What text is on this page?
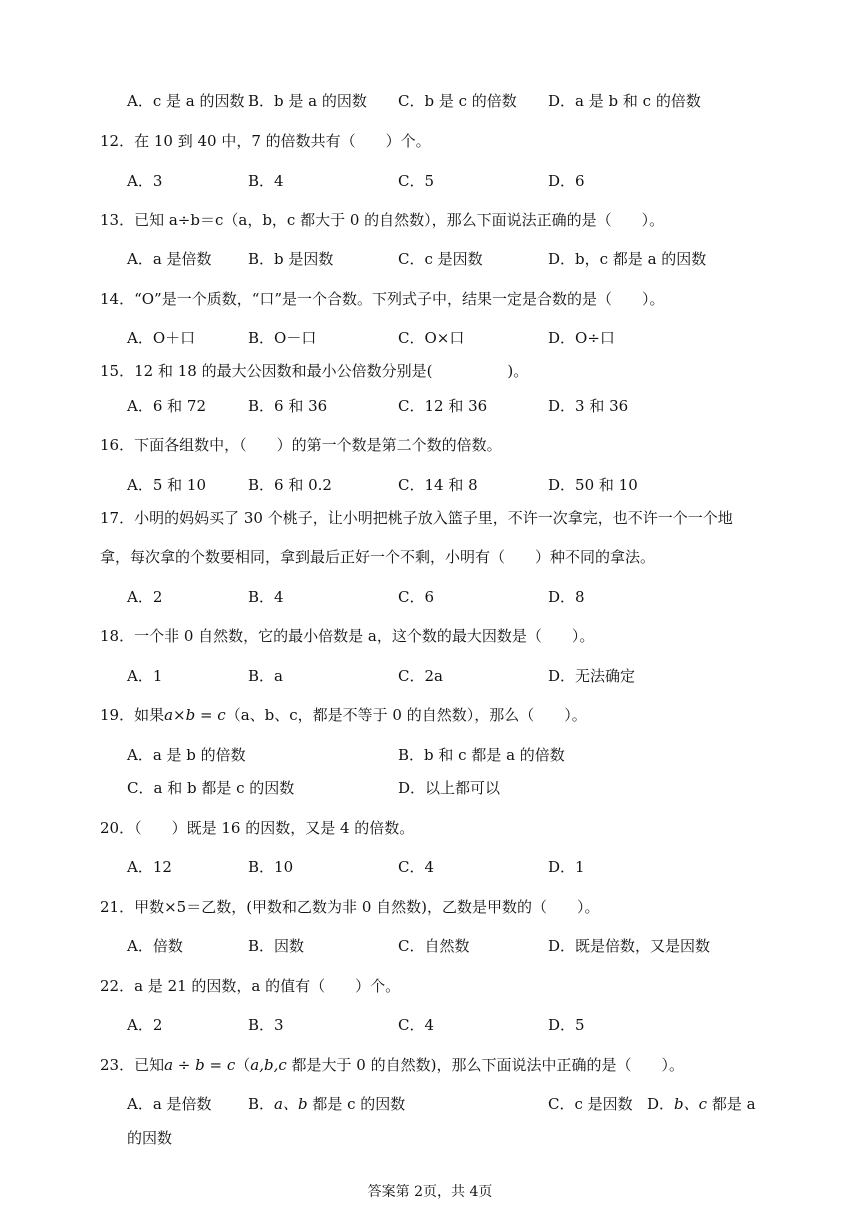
A．c 是 a 的因数 B．b 是 a 的因数 C．b 是 c 的倍数 D．a 是 b 和 c 的倍数
12．在 10 到 40 中，7 的倍数共有（　　）个。
A．3	B．4	C．5	D．6
13．已知 a÷b＝c（a，b，c 都大于 0 的自然数），那么下面说法正确的是（　　）。
A．a 是倍数 B．b 是因数	C．c 是因数	D．b，c 都是 a 的因数
14．“O”是一个质数，“口”是一个合数。下列式子中，结果一定是合数的是（　　）。
A．O＋口	B．O－口	C．O×口	D．O÷口
15．12 和 18 的最大公因数和最小公倍数分别是(　　　　　)。
A．6 和 72	B．6 和 36	C．12 和 36	D．3 和 36
16．下面各组数中，（　　）的第一个数是第二个数的倍数。
A．5 和 10	B．6 和 0.2	C．14 和 8	D．50 和 10
17．小明的妈妈买了 30 个桃子，让小明把桃子放入篮子里，不许一次拿完，也不许一个一个地
拿，每次拿的个数要相同，拿到最后正好一个不剩，小明有（　　）种不同的拿法。
A．2	B．4	C．6	D．8
18．一个非 0 自然数，它的最小倍数是 a，这个数的最大因数是（　　）。
A．1	B．a	C．2a	D．无法确定
19．如果a×b = c（a、b、c，都是不等于 0 的自然数），那么（　　）。
A．a 是 b 的倍数	B．b 和 c 都是 a 的倍数
C．a 和 b 都是 c 的因数	D．以上都可以
20．（　　）既是 16 的因数，又是 4 的倍数。
A．12	B．10	C．4	D．1
21．甲数×5＝乙数，(甲数和乙数为非 0 自然数)，乙数是甲数的（　　）。
A．倍数	B．因数	C．自然数	D．既是倍数，又是因数
22．a 是 21 的因数，a 的值有（　　）个。
A．2	B．3	C．4	D．5
23．已知a ÷ b = c（a,b,c 都是大于 0 的自然数)，那么下面说法中正确的是（　　）。
A．a 是倍数 B．a、b 都是 c 的因数	C．c 是因数 D．b、c 都是 a
的因数
答案第 2页，共 4页
